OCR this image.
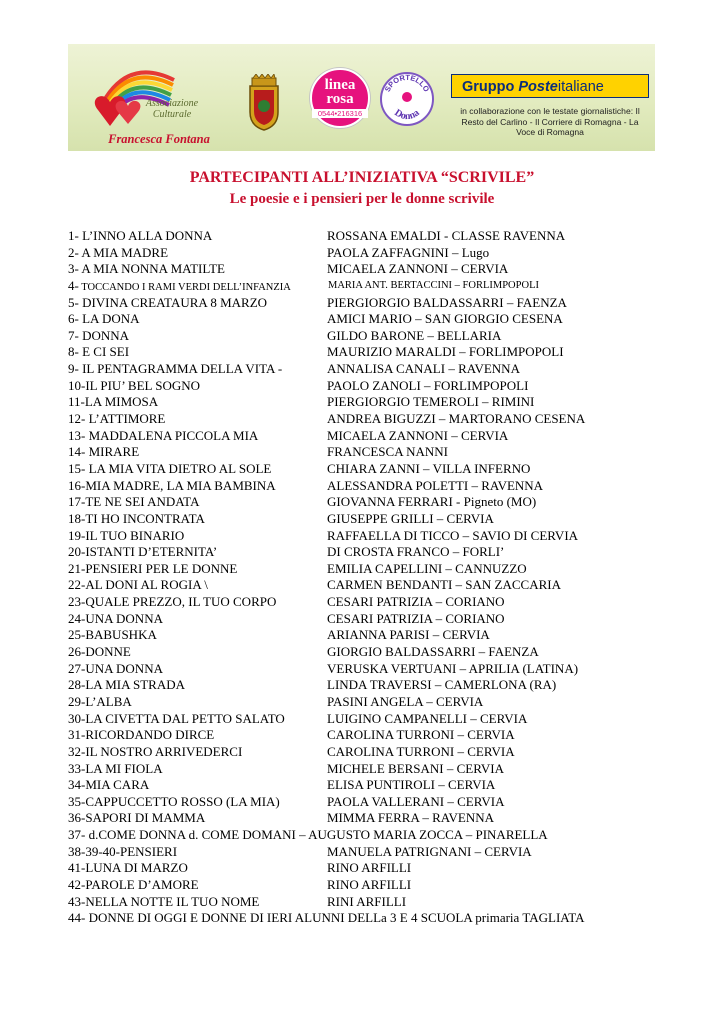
Associazione
Culturale
Francesca Fontana
linea
rosa
0544•216316
SPORTELLO
Donna
Gruppo Posteitaliane
in collaborazione con le testate giornalistiche: Il Resto del Carlino - Il Corriere di Romagna - La Voce di Romagna
PARTECIPANTI ALL’INIZIATIVA “SCRIVILE”
Le poesie e i pensieri per le donne scrivile
1- L’INNO ALLA DONNA	ROSSANA EMALDI - CLASSE RAVENNA
2- A MIA MADRE	PAOLA ZAFFAGNINI – Lugo
3- A MIA NONNA MATILTE	MICAELA ZANNONI – CERVIA
4- TOCCANDO I RAMI VERDI DELL’INFANZIA	MARIA ANT. BERTACCINI – FORLIMPOPOLI
5- DIVINA CREATAURA 8 MARZO	PIERGIORGIO BALDASSARRI – FAENZA
6- LA DONA	AMICI MARIO – SAN GIORGIO CESENA
7- DONNA	GILDO BARONE – BELLARIA
8- E CI SEI	MAURIZIO MARALDI – FORLIMPOPOLI
9- IL PENTAGRAMMA DELLA VITA -	ANNALISA CANALI – RAVENNA
10-IL PIU’ BEL SOGNO	PAOLO ZANOLI – FORLIMPOPOLI
11-LA MIMOSA	PIERGIORGIO TEMEROLI – RIMINI
12- L’ATTIMORE	ANDREA BIGUZZI – MARTORANO CESENA
13- MADDALENA PICCOLA MIA	MICAELA ZANNONI – CERVIA
14- MIRARE	FRANCESCA NANNI
15- LA MIA VITA DIETRO AL SOLE	CHIARA ZANNI – VILLA INFERNO
16-MIA MADRE, LA MIA BAMBINA	ALESSANDRA POLETTI – RAVENNA
17-TE NE SEI ANDATA	GIOVANNA FERRARI - Pigneto (MO)
18-TI HO INCONTRATA	GIUSEPPE GRILLI – CERVIA
19-IL TUO BINARIO	RAFFAELLA DI TICCO – SAVIO DI CERVIA
20-ISTANTI D’ETERNITA’	DI CROSTA FRANCO – FORLI’
21-PENSIERI PER LE DONNE	EMILIA CAPELLINI – CANNUZZO
22-AL DONI AL ROGIA \	CARMEN BENDANTI – SAN ZACCARIA
23-QUALE PREZZO, IL TUO CORPO	CESARI PATRIZIA – CORIANO
24-UNA DONNA	CESARI PATRIZIA – CORIANO
25-BABUSHKA	ARIANNA PARISI – CERVIA
26-DONNE	GIORGIO BALDASSARRI – FAENZA
27-UNA DONNA	VERUSKA VERTUANI – APRILIA (LATINA)
28-LA MIA STRADA	LINDA TRAVERSI – CAMERLONA (RA)
29-L’ALBA	PASINI ANGELA – CERVIA
30-LA CIVETTA DAL PETTO SALATO	LUIGINO CAMPANELLI – CERVIA
31-RICORDANDO DIRCE	CAROLINA TURRONI – CERVIA
32-IL NOSTRO ARRIVEDERCI	CAROLINA TURRONI – CERVIA
33-LA MI FIOLA	MICHELE BERSANI – CERVIA
34-MIA CARA	ELISA PUNTIROLI – CERVIA
35-CAPPUCCETTO ROSSO (LA MIA)	PAOLA VALLERANI – CERVIA
36-SAPORI DI MAMMA	MIMMA FERRA – RAVENNA
37- d.COME DONNA d. COME DOMANI – AUGUSTO MARIA ZOCCA – PINARELLA
38-39-40-PENSIERI	MANUELA PATRIGNANI – CERVIA
41-LUNA DI MARZO	RINO ARFILLI
42-PAROLE D’AMORE	RINO ARFILLI
43-NELLA NOTTE IL TUO NOME	RINI ARFILLI
44- DONNE DI OGGI E DONNE DI IERI ALUNNI DELLa 3 E 4 SCUOLA primaria TAGLIATA
